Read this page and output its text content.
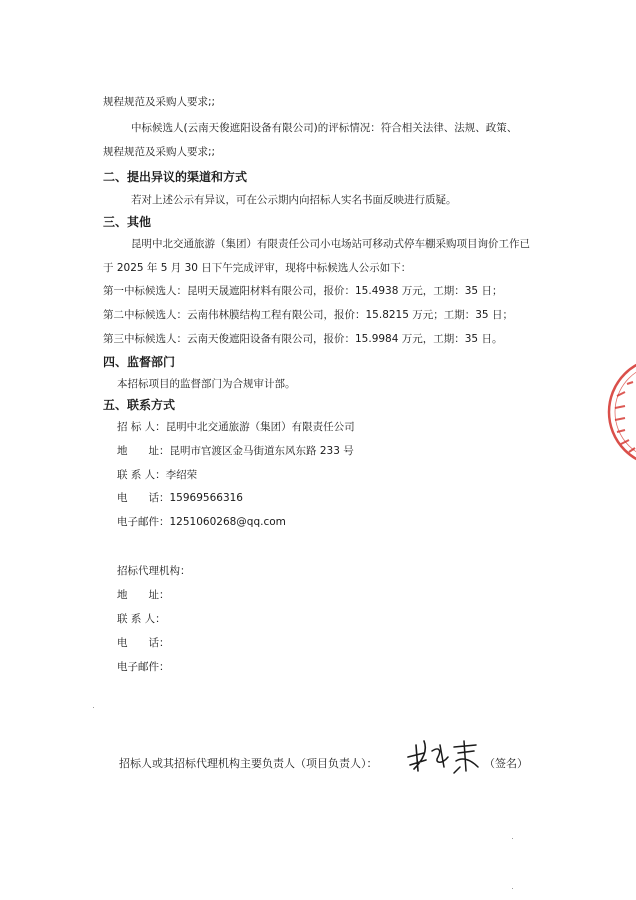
规程规范及采购人要求;;
中标候选人(云南天俊遮阳设备有限公司)的评标情况：符合相关法律、法规、政策、
规程规范及采购人要求;;
二、提出异议的渠道和方式
若对上述公示有异议，可在公示期内向招标人实名书面反映进行质疑。
三、其他
昆明中北交通旅游（集团）有限责任公司小屯场站可移动式停车棚采购项目询价工作已
于 2025 年 5 月 30 日下午完成评审，现将中标候选人公示如下：
第一中标候选人：昆明天晟遮阳材料有限公司，报价：15.4938 万元，工期：35 日；
第二中标候选人：云南伟林膜结构工程有限公司，报价：15.8215 万元；工期：35 日；
第三中标候选人：云南天俊遮阳设备有限公司，报价：15.9984 万元，工期：35 日。
四、监督部门
本招标项目的监督部门为合规审计部。
五、联系方式
招 标 人：昆明中北交通旅游（集团）有限责任公司
地　　址：昆明市官渡区金马街道东风东路 233 号
联 系 人：李绍荣
电　　话：15969566316
电子邮件：1251060268@qq.com
招标代理机构：
地　　址：
联 系 人：
电　　话：
电子邮件：
招标人或其招标代理机构主要负责人（项目负责人）：	（签名）
